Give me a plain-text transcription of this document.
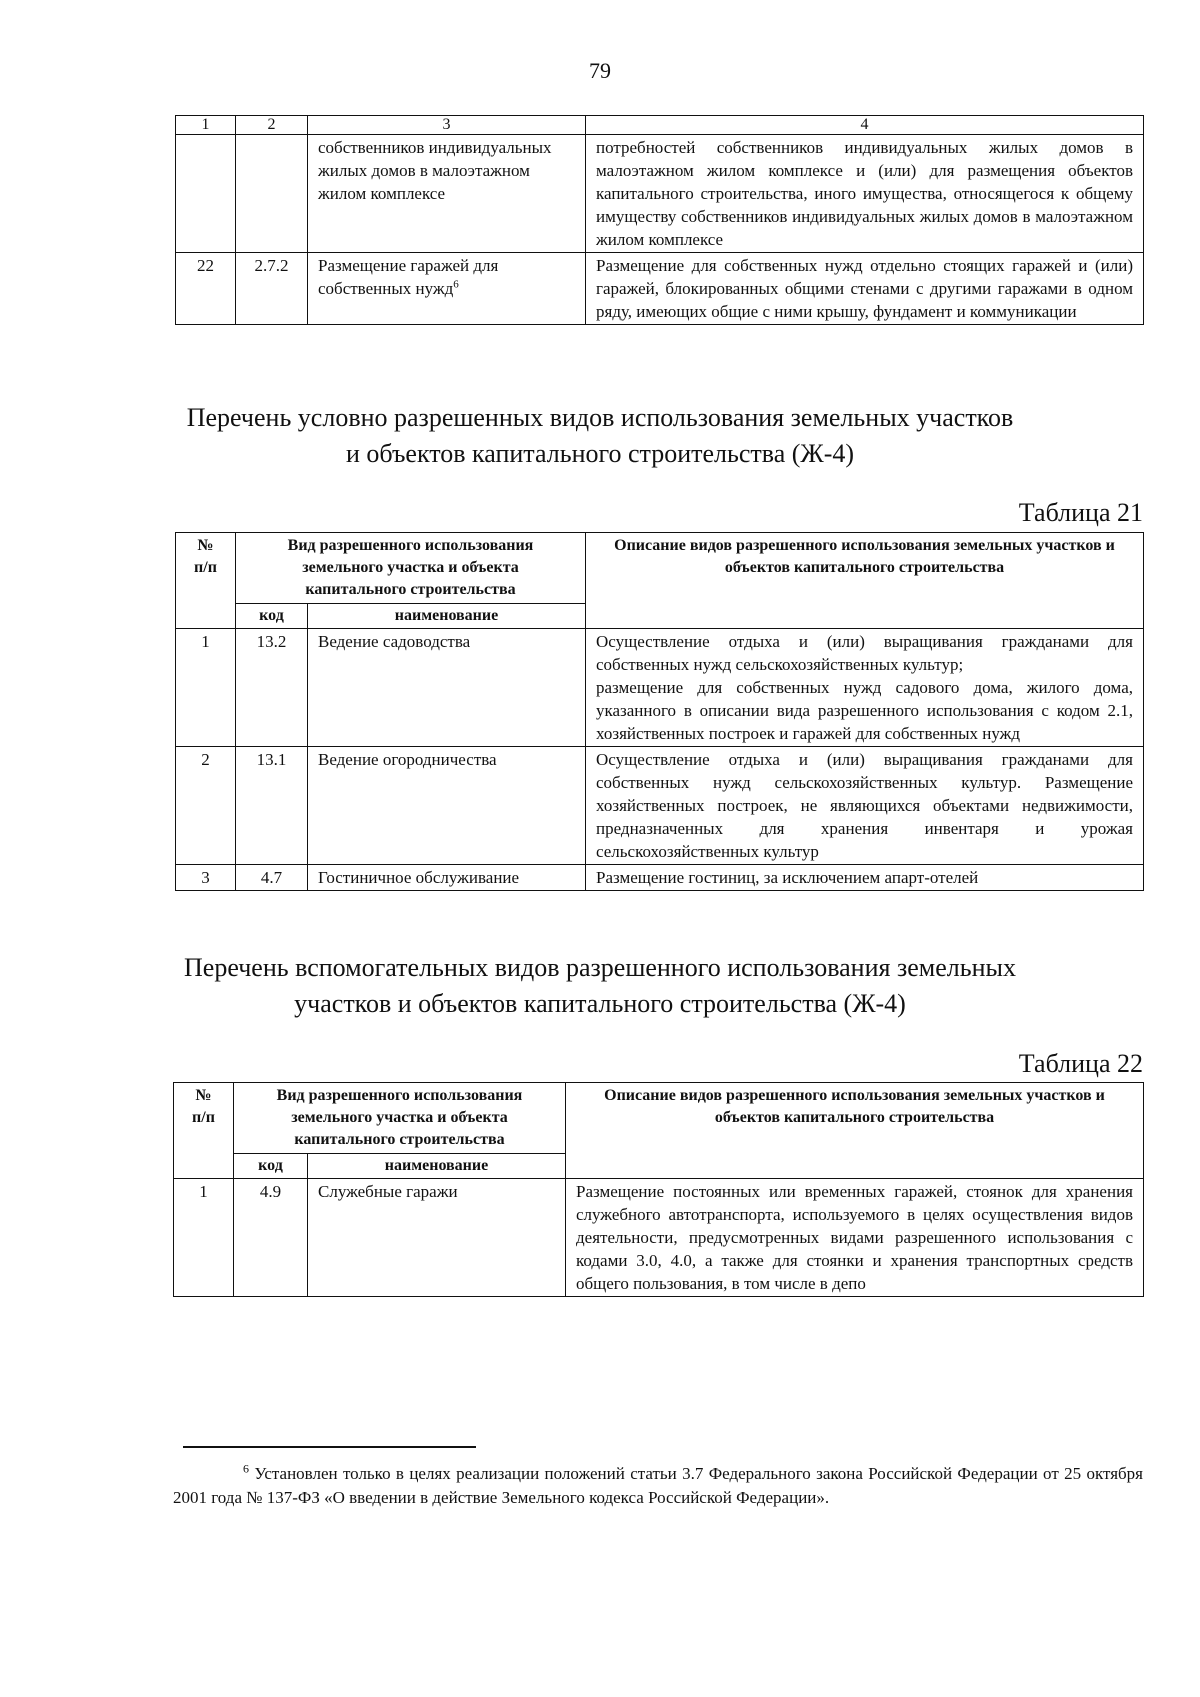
79
1	2	3	4
		собственников индивидуальных жилых домов в малоэтажном жилом комплексе	потребностей собственников индивидуальных жилых домов в малоэтажном жилом комплексе и (или) для размещения объектов капитального строительства, иного имущества, относящегося к общему имуществу собственников индивидуальных жилых домов в малоэтажном жилом комплексе
22	2.7.2	Размещение гаражей для собственных нужд$^6$	Размещение для собственных нужд отдельно стоящих гаражей и (или) гаражей, блокированных общими стенами с другими гаражами в одном ряду, имеющих общие с ними крышу, фундамент и коммуникации
Перечень условно разрешенных видов использования земельных участков
и объектов капитального строительства (Ж-4)
Таблица 21
№ п/п	Вид разрешенного использования земельного участка и объекта капитального строительства		Описание видов разрешенного использования земельных участков и объектов капитального строительства
	код	наименование	
1	13.2	Ведение садоводства	Осуществление отдыха и (или) выращивания гражданами для собственных нужд сельскохозяйственных культур;
размещение для собственных нужд садового дома, жилого дома, указанного в описании вида разрешенного использования с кодом 2.1, хозяйственных построек и гаражей для собственных нужд

2	13.1	Ведение огородничества	Осуществление отдыха и (или) выращивания гражданами для собственных нужд сельскохозяйственных культур. Размещение хозяйственных построек, не являющихся объектами недвижимости, предназначенных для хранения инвентаря и урожая сельскохозяйственных культур

3	4.7	Гостиничное обслуживание	Размещение гостиниц, за исключением апарт-отелей
Перечень вспомогательных видов разрешенного использования земельных
участков и объектов капитального строительства (Ж-4)
Таблица 22
№ п/п	Вид разрешенного использования земельного участка и объекта капитального строительства		Описание видов разрешенного использования земельных участков и объектов капитального строительства
	код	наименование	
1	4.9	Служебные гаражи	Размещение постоянных или временных гаражей, стоянок для хранения служебного автотранспорта, используемого в целях осуществления видов деятельности, предусмотренных видами разрешенного использования с кодами 3.0, 4.0, а также для стоянки и хранения транспортных средств общего пользования, в том числе в депо
$^6$ Установлен только в целях реализации положений статьи 3.7 Федерального закона Российской Федерации от 25 октября 2001 года № 137-ФЗ «О введении в действие Земельного кодекса Российской Федерации».
